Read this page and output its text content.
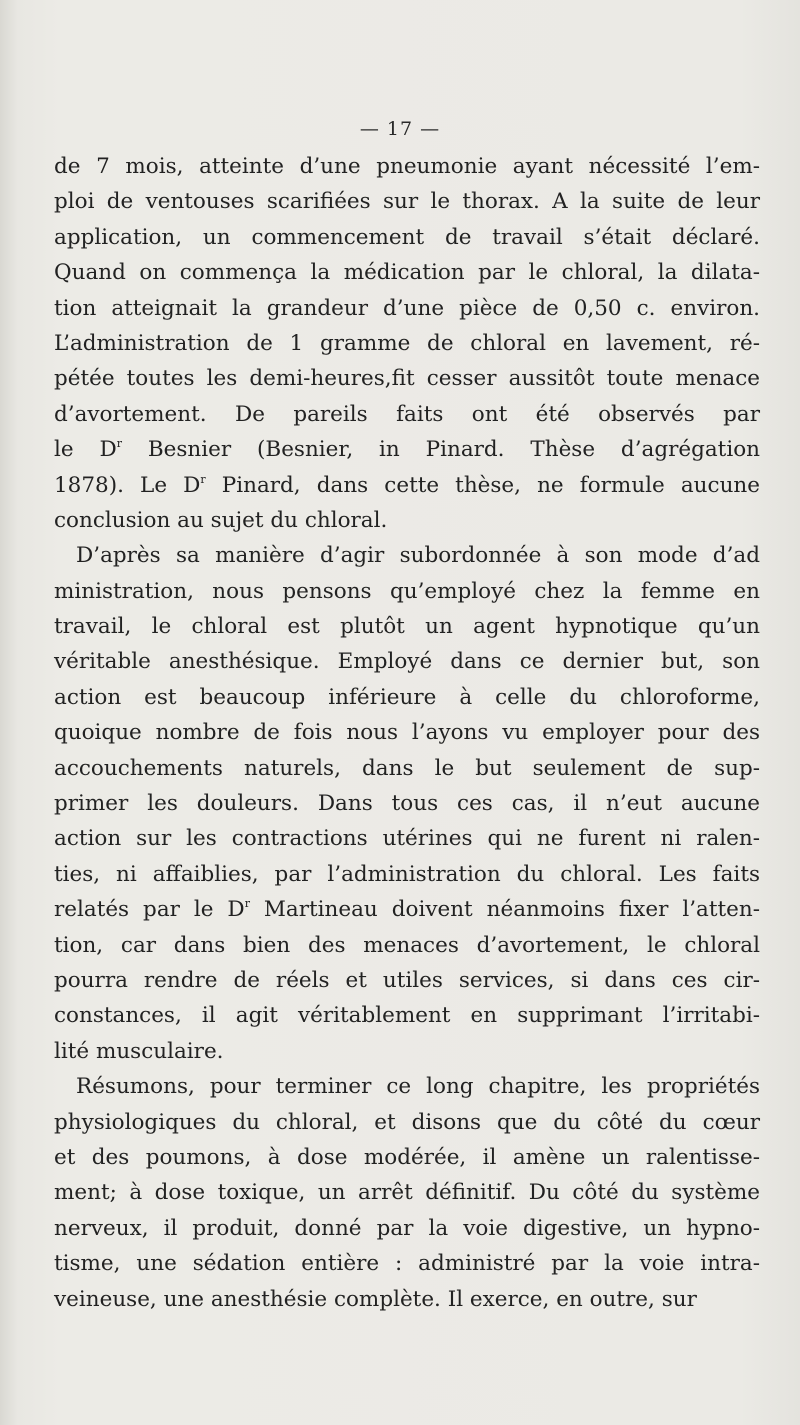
— 17 —
de 7 mois, atteinte d’une pneumonie ayant nécessité l’em-
ploi de ventouses scarifiées sur le thorax. A la suite de leur
application, un commencement de travail s’était déclaré.
Quand on commença la médication par le chloral, la dilata-
tion atteignait la grandeur d’une pièce de 0,50 c. environ.
L’administration de 1 gramme de chloral en lavement, ré-
pétée toutes les demi-heures,fit cesser aussitôt toute menace
d’avortement. De pareils faits ont été observés par
le $D^r$ Besnier (Besnier, in Pinard. Thèse d’agrégation
1878). Le $D^r$ Pinard, dans cette thèse, ne formule aucune
conclusion au sujet du chloral.
D’après sa manière d’agir subordonnée à son mode d’ad
ministration, nous pensons qu’employé chez la femme en
travail, le chloral est plutôt un agent hypnotique qu’un
véritable anesthésique. Employé dans ce dernier but, son
action est beaucoup inférieure à celle du chloroforme,
quoique nombre de fois nous l’ayons vu employer pour des
accouchements naturels, dans le but seulement de sup-
primer les douleurs. Dans tous ces cas, il n’eut aucune
action sur les contractions utérines qui ne furent ni ralen-
ties, ni affaiblies, par l’administration du chloral. Les faits
relatés par le $D^r$ Martineau doivent néanmoins fixer l’atten-
tion, car dans bien des menaces d’avortement, le chloral
pourra rendre de réels et utiles services, si dans ces cir-
constances, il agit véritablement en supprimant l’irritabi-
lité musculaire.
Résumons, pour terminer ce long chapitre, les propriétés
physiologiques du chloral, et disons que du côté du cœur
et des poumons, à dose modérée, il amène un ralentisse-
ment; à dose toxique, un arrêt définitif. Du côté du système
nerveux, il produit, donné par la voie digestive, un hypno-
tisme, une sédation entière : administré par la voie intra-
veineuse, une anesthésie complète. Il exerce, en outre, sur
